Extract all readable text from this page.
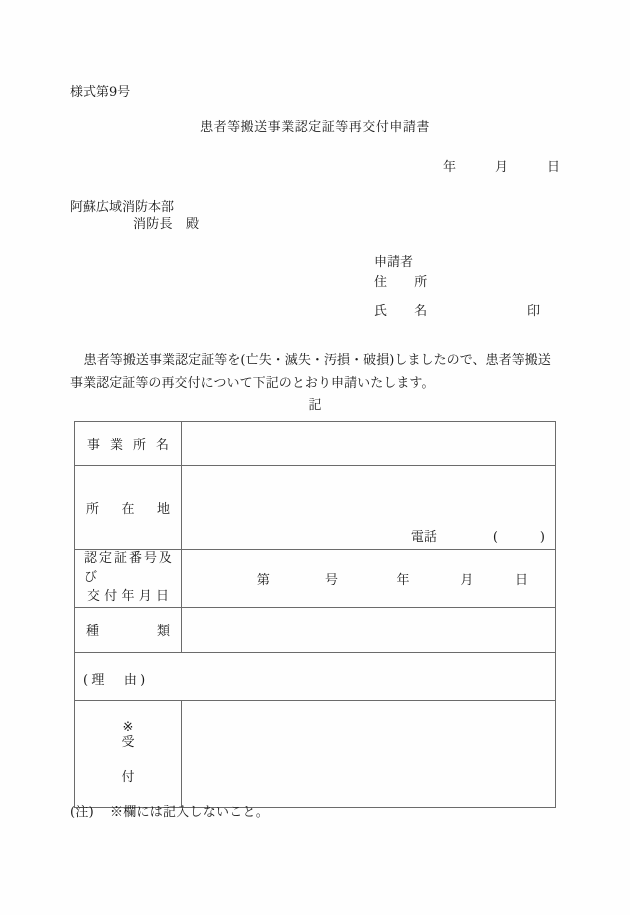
様式第9号
患者等搬送事業認定証等再交付申請書
年　　　月　　　日
阿蘇広域消防本部
消防長　殿
申請者
住　所
氏　名	印
患者等搬送事業認定証等を(亡失・滅失・汚損・破損)しましたので、患者等搬送事業認定証等の再交付について下記のとおり申請いたします。
記
事 業 所 名	

所 在 地	電話 ( )

認定証番号及び
交 付 年 月 日

第	号	年	月	日

種 類	

(理　由)	

※
受
付	

(注) ※欄には記入しないこと。
